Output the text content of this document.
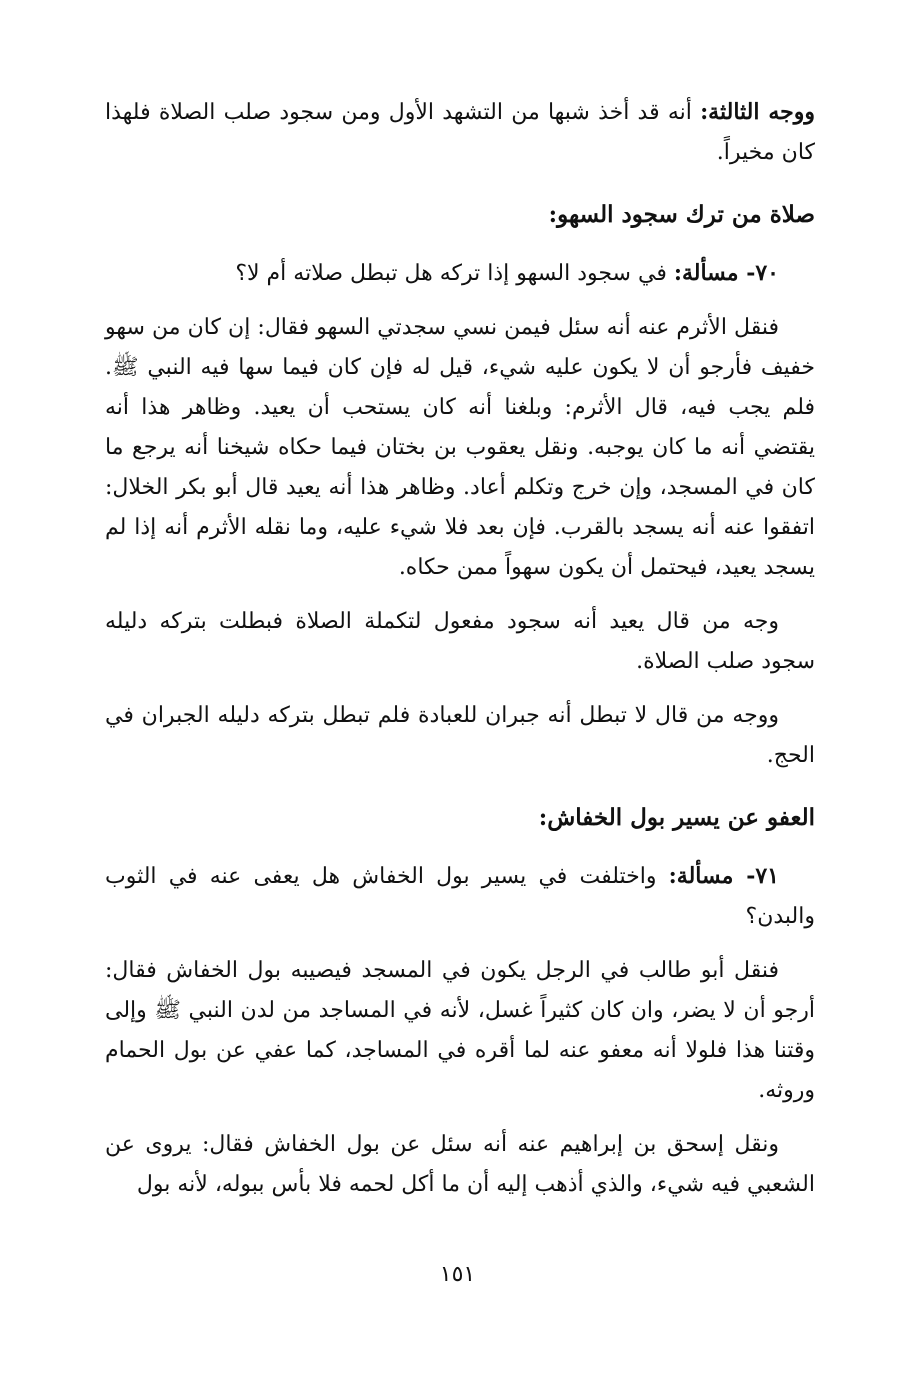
ووجه الثالثة: أنه قد أخذ شبها من التشهد الأول ومن سجود صلب الصلاة فلهذا كان مخيراً.

صلاة من ترك سجود السهو:

٧٠- مسألة: في سجود السهو إذا تركه هل تبطل صلاته أم لا؟

فنقل الأثرم عنه أنه سئل فيمن نسي سجدتي السهو فقال: إن كان من سهو خفيف فأرجو أن لا يكون عليه شيء، قيل له فإن كان فيما سها فيه النبي ﷺ. فلم يجب فيه، قال الأثرم: وبلغنا أنه كان يستحب أن يعيد. وظاهر هذا أنه يقتضي أنه ما كان يوجبه. ونقل يعقوب بن بختان فيما حكاه شيخنا أنه يرجع ما كان في المسجد، وإن خرج وتكلم أعاد. وظاهر هذا أنه يعيد قال أبو بكر الخلال: اتفقوا عنه أنه يسجد بالقرب. فإن بعد فلا شيء عليه، وما نقله الأثرم أنه إذا لم يسجد يعيد، فيحتمل أن يكون سهواً ممن حكاه.

وجه من قال يعيد أنه سجود مفعول لتكملة الصلاة فبطلت بتركه دليله سجود صلب الصلاة.

ووجه من قال لا تبطل أنه جبران للعبادة فلم تبطل بتركه دليله الجبران في الحج.

العفو عن يسير بول الخفاش:

٧١- مسألة: واختلفت في يسير بول الخفاش هل يعفى عنه في الثوب والبدن؟

فنقل أبو طالب في الرجل يكون في المسجد فيصيبه بول الخفاش فقال: أرجو أن لا يضر، وان كان كثيراً غسل، لأنه في المساجد من لدن النبي ﷺ وإلى وقتنا هذا فلولا أنه معفو عنه لما أقره في المساجد، كما عفي عن بول الحمام وروثه.

ونقل إسحق بن إبراهيم عنه أنه سئل عن بول الخفاش فقال: يروى عن الشعبي فيه شيء، والذي أذهب إليه أن ما أكل لحمه فلا بأس ببوله، لأنه بول

١٥١
